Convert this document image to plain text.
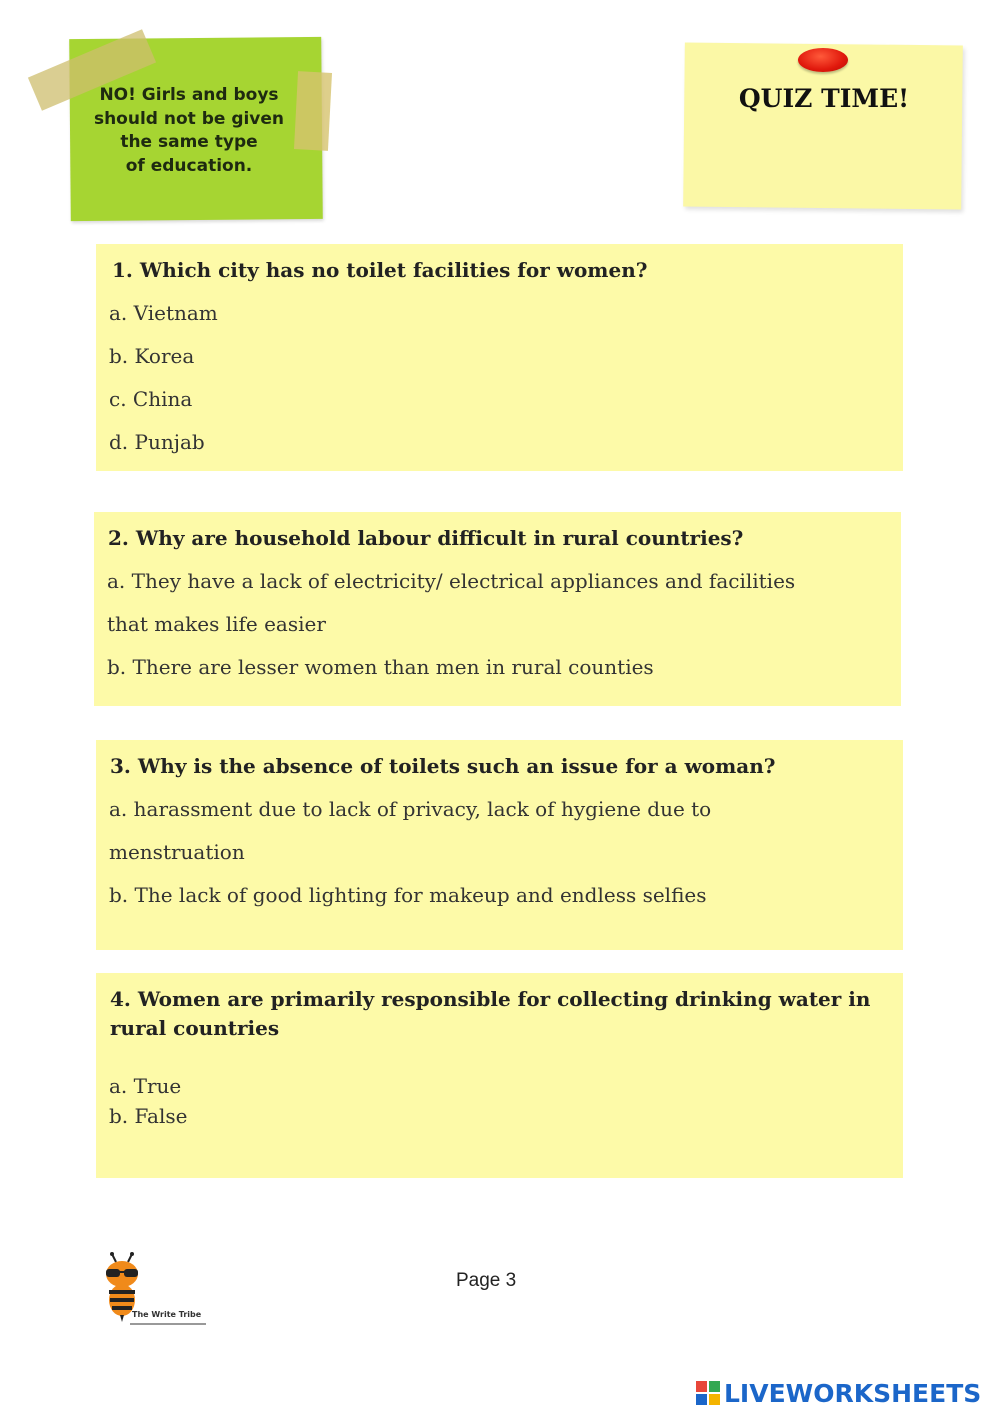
NO! Girls and boys
should not be given
the same type
of education.
QUIZ TIME!
1. Which city has no toilet facilities for women?
a. Vietnam
b. Korea
c. China
d. Punjab
2. Why are household labour difficult in rural countries?
a. They have a lack of electricity/ electrical appliances and facilities
that makes life easier
b. There are lesser women than men in rural counties
3. Why is the absence of toilets such an issue for a woman?
a. harassment due to lack of privacy, lack of hygiene due to
menstruation
b. The lack of good lighting for makeup and endless selfies
4. Women are primarily responsible for collecting drinking water in rural countries
a. True
b. False
The Write Tribe
Page 3
LIVEWORKSHEETS
